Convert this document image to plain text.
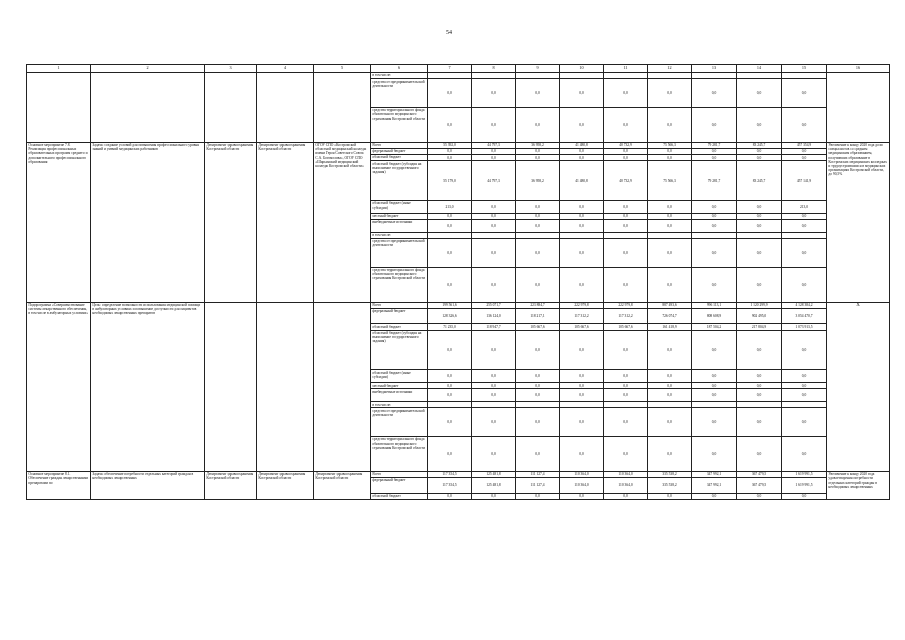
54
1	2	3	4	5	6	7	8	9	10	11	12	13	14	15	16
					в том числе:										
					средства от предпринимательской деятельности	0,0	0,0	0,0	0,0	0,0	0,0	0,0	0,0	0,0	
					средства территориального фонда обязательного медицинского страхования Костромской области	0,0	0,0	0,0	0,0	0,0	0,0	0,0	0,0	0,0	
Основное мероприятие 7.8. Реализация профессиональных образовательных программ среднего и дополнительного профессионального образования	Задача: создание условий для повышения профессионального уровня знаний и умений медицинских работников	Департамент здравоохранения Костромской области	Департамент здравоохранения Костромской области	ОГОУ СПО «Костромской областной медицинский колледж имени Героя Советского Союза С.А. Богомолова», ОГОУ СПО «Шарьинский медицинский колледж Костромской области»	Всего	55 392,0	44 797,3	36 958,2	41 480,8	40 732,9	75 566,3	79 281,7	83 245,7	457 354,9	Увеличение к концу 2020 года доли специалистов со средним медицинским образованием, получивших образование в Костромских медицинских колледжах и трудоустроившихся в медицинских организациях Костромской области, до 90,5%
					федеральный бюджет	0,0	0,0	0,0	0,0	0,0	0,0	0,0	0,0	0,0	
					областной бюджет	0,0	0,0	0,0	0,0	0,0	0,0	0,0	0,0	0,0	
					областной бюджет (субсидия на выполнение государственного задания)	55 179,0	44 797,3	36 958,2	41 480,8	40 732,9	75 566,3	79 281,7	83 245,7	457 141,9	
					областной бюджет (иные субсидии)	213,0	0,0	0,0	0,0	0,0	0,0	0,0	0,0	213,0	
					местный бюджет	0,0	0,0	0,0	0,0	0,0	0,0	0,0	0,0	0,0	
					внебюджетные источники	0,0	0,0	0,0	0,0	0,0	0,0	0,0	0,0	0,0	
					в том числе:										
					средства от предпринимательской деятельности	0,0	0,0	0,0	0,0	0,0	0,0	0,0	0,0	0,0	
					средства территориального фонда обязательного медицинского страхования Костромской области	0,0	0,0	0,0	0,0	0,0	0,0	0,0	0,0	0,0	
Подпрограмма «Совершенствование системы лекарственного обеспечения, в том числе в амбулаторных условиях»	Цель: определение возможности использования медицинской помощи в амбулаторных условиях и повышение доступности для пациентов необходимых лекарственных препаратов				Всего	199 561,6	255 071,7	223 884,7	222 979,8	222 979,8	887 493,6	996 113,1	1 120 299,9	4 128 384,2	Х
					федеральный бюджет	128 326,6	136 124,0	118 217,1	117 312,2	117 312,2	726 074,7	808 608,9	902 495,0	3 054 470,7	
					областной бюджет	71 235,0	118 947,7	105 667,6	105 667,6	105 667,6	161 418,9	187 504,2	217 804,9	1 073 913,5	
					областной бюджет (субсидия на выполнение государственного задания)	0,0	0,0	0,0	0,0	0,0	0,0	0,0	0,0	0,0	
					областной бюджет (иные субсидии)	0,0	0,0	0,0	0,0	0,0	0,0	0,0	0,0	0,0	
					местный бюджет	0,0	0,0	0,0	0,0	0,0	0,0	0,0	0,0	0,0	
					внебюджетные источники	0,0	0,0	0,0	0,0	0,0	0,0	0,0	0,0	0,0	
					в том числе:										
					средства от предпринимательской деятельности	0,0	0,0	0,0	0,0	0,0	0,0	0,0	0,0	0,0	
					средства территориального фонда обязательного медицинского страхования Костромской области	0,0	0,0	0,0	0,0	0,0	0,0	0,0	0,0	0,0	
Основное мероприятие 8.1. Обеспечение граждан лекарственными препаратами по	Задача: обеспечение потребности отдельных категорий граждан в необходимых лекарственных	Департамент здравоохранения Костромской области	Департамент здравоохранения Костромской области	Департамент здравоохранения Костромской области	Всего	117 354,5	125 481,8	111 127,4	110 364,0	110 364,0	335 538,2	347 992,1	367 479,5	1 619 991,5	Увеличение к концу 2020 года удовлетворения потребности отдельных категорий граждан в необходимых лекарственных
					федеральный бюджет	117 354,5	125 481,8	111 127,4	110 364,0	110 364,0	335 538,2	347 992,1	367 479,5	1 619 991,5	
					областной бюджет	0,0	0,0	0,0	0,0	0,0	0,0	0,0	0,0	0,0	
